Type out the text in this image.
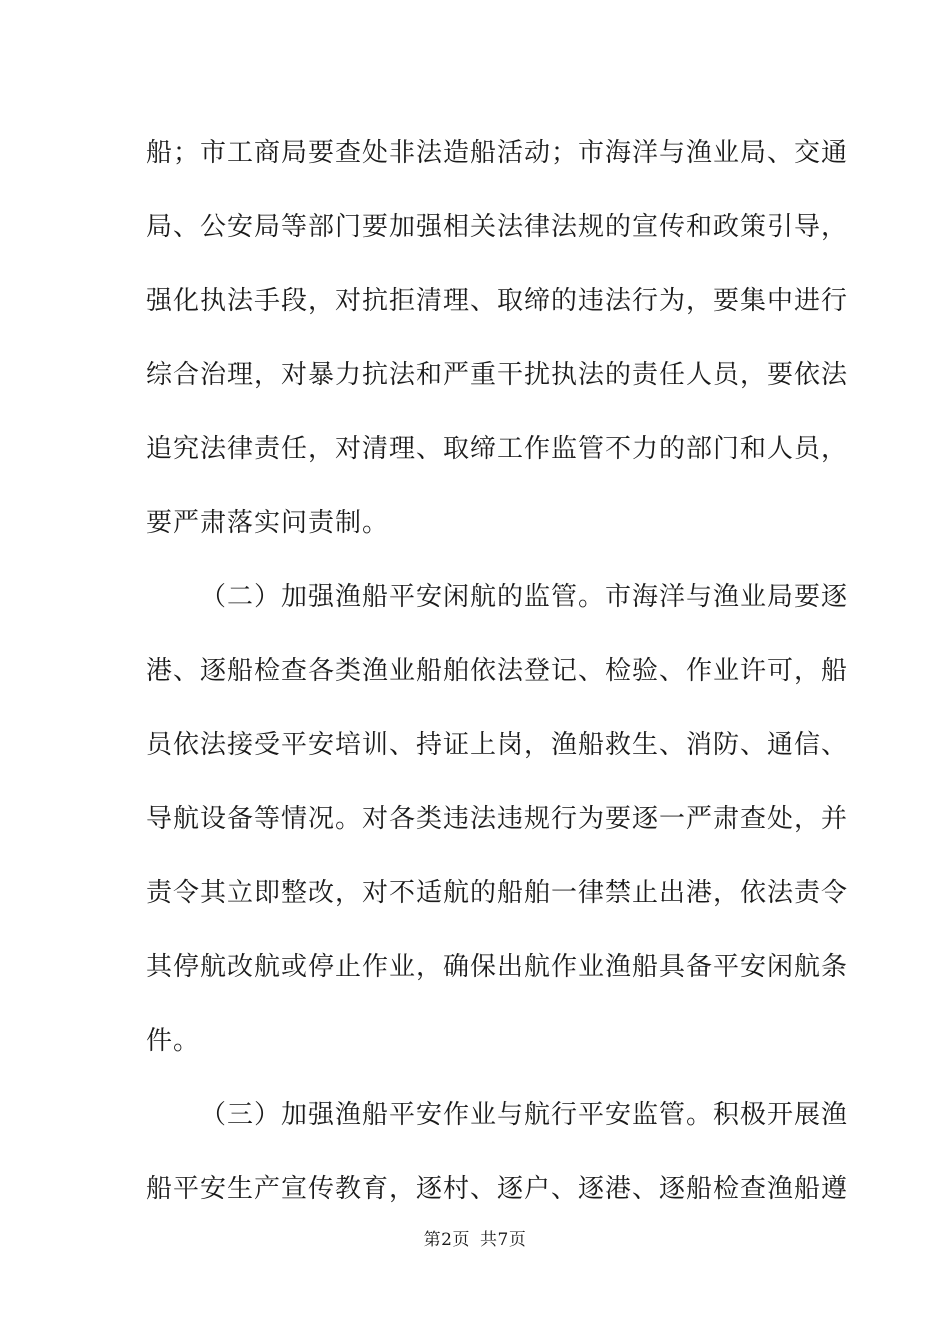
船；市工商局要查处非法造船活动；市海洋与渔业局、交通
局、公安局等部门要加强相关法律法规的宣传和政策引导，
强化执法手段，对抗拒清理、取缔的违法行为，要集中进行
综合治理，对暴力抗法和严重干扰执法的责任人员，要依法
追究法律责任，对清理、取缔工作监管不力的部门和人员，
要严肃落实问责制。
（二）加强渔船平安闲航的监管。市海洋与渔业局要逐
港、逐船检查各类渔业船舶依法登记、检验、作业许可，船
员依法接受平安培训、持证上岗，渔船救生、消防、通信、
导航设备等情况。对各类违法违规行为要逐一严肃查处，并
责令其立即整改，对不适航的船舶一律禁止出港，依法责令
其停航改航或停止作业，确保出航作业渔船具备平安闲航条
件。
（三）加强渔船平安作业与航行平安监管。积极开展渔
船平安生产宣传教育，逐村、逐户、逐港、逐船检查渔船遵
第2页 共7页
